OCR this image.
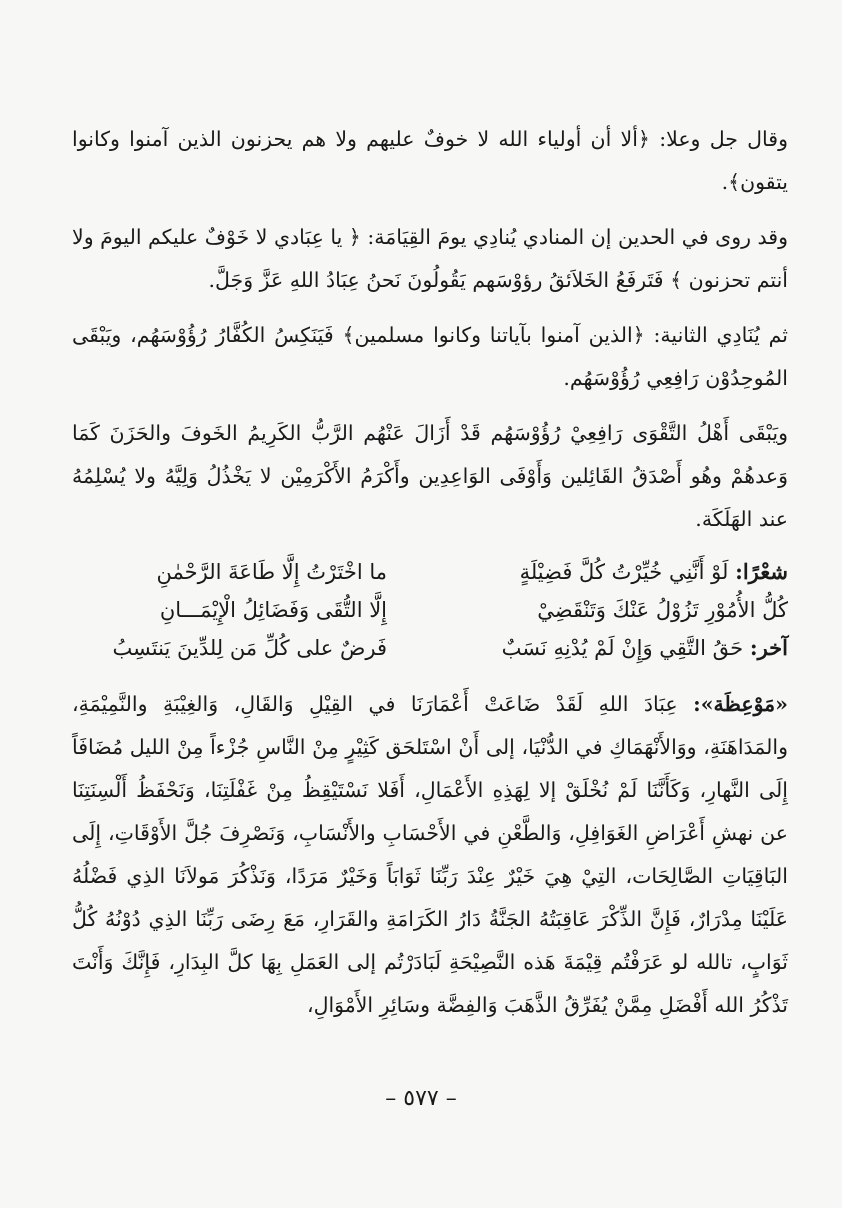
وقال جل وعلا: ﴿ألا أن أولياء الله لا خوفٌ عليهم ولا هم يحزنون الذين آمنوا وكانوا يتقون﴾.

وقد روى في الحدين إن المنادي يُنادِي يومَ القِيَامَة: ﴿ يا عِبَادي لا خَوْفٌ عليكم اليومَ ولا أنتم تحزنون ﴾ فَتَرفَعُ الخَلاَئقُ رؤوْسَهم يَقُولُونَ نَحنُ عِبَادُ اللهِ عَزَّ وَجَلَّ.

ثم يُنَادِي الثانية: ﴿الذين آمنوا بآياتنا وكانوا مسلمين﴾ فَيَنَكِسُ الكُفَّارُ رُؤُوْسَهُم، ويَبْقَى المُوحِدُوْن رَافِعِي رُؤُوْسَهُم.

ويَبْقَى أَهْلُ التَّقْوَى رَافِعِيْ رُؤُوْسَهُم قَدْ أَزَالَ عَنْهُم الرَّبُّ الكَرِيمُ الخَوفَ والحَزَنَ كَمَا وَعدهُمْ وهُو أَصْدَقُ القَائِلين وَأَوْفَى الوَاعِدِين وأَكْرَمُ الأَكْرَمِيْن لا يَخْذُلُ وَلِيَّهُ ولا يُسْلِمُهُ عند الهَلَكَة.

شعْرًا: لَوْ أَنَّنِي خُيِّرْتُ كُلَّ فَضِيْلَةٍ
ما اخْتَرْتُ إِلَّا طَاعَةَ الرَّحْمٰنِ
كُلُّ الأُمُوْرِ تَزُوْلُ عَنْكَ وَتَنْقَضِيْ
إِلَّا التُّقَى وَفَضَائِلُ الْإِيْمَـــانِ
آخر: حَقُ التَّقِي وَإِنْ لَمْ يُدْنِهِ نَسَبٌ
فَرضٌ على كُلِّ مَن لِلدِّينَ يَنتَسِبُ

«مَوْعِظَة»: عِبَادَ اللهِ لَقَدْ ضَاعَتْ أَعْمَارَنَا في القِيْلِ وَالقَالِ، وَالغِيْبَةِ والنَّمِيْمَةِ، والمَدَاهَنَةِ، ووَالأَنْهَمَاكِ في الدُّنْيَا، إلى أَنْ اسْتَلحَق كَثِيْرٍ مِنْ النَّاسِ جُزْءاً مِنْ الليل مُضَافَاً إِلَى النَّهارِ، وَكَأَنَّنَا لَمْ نُخْلَقْ إلا لِهَذِهِ الأَعْمَالِ، أَفَلا نَسْتَيْقِظُ مِنْ غَفْلَتِنَا، وَنَحْفَظُ أَلْسِنَتِنَا عن نهشِ أَعْرَاضِ الغَوَافِلِ، وَالطَّعْنِ في الأَحْسَابِ والأَنْسَابِ، وَنَصْرِفَ جُلَّ الأَوْقَاتِ، إِلَى البَاقِيَاتِ الصَّالِحَات، التِيْ هِيَ خَيْرٌ عِنْدَ رَبِّنَا ثَوَابَاً وَخَيْرٌ مَرَدًا، وَنَذْكُرَ مَولاَنَا الذِي فَضْلُهُ عَلَيْنَا مِدْرَارٌ، فَإِنَّ الذِّكْرَ عَاقِبَتُهُ الجَنَّةُ دَارُ الكَرَامَةِ والقَرَارِ، مَعَ رِضَى رَبِّنَا الذِي دُوْنُهُ كُلُّ ثَوَابٍ، تالله لو عَرَفْتُم قِيْمَةَ هَذه النَّصِيْحَةِ لَبَادَرْتُم إلى العَمَلِ بِهَا كلَّ البِدَارِ، فَإِنَّكَ وَأَنْتَ تَذْكُرُ الله أَفْضَلِ مِمَّنْ يُفَرِّقُ الذَّهَبَ وَالفِضَّة وسَائِرِ الأَمْوَالِ،

– ٥٧٧ –
